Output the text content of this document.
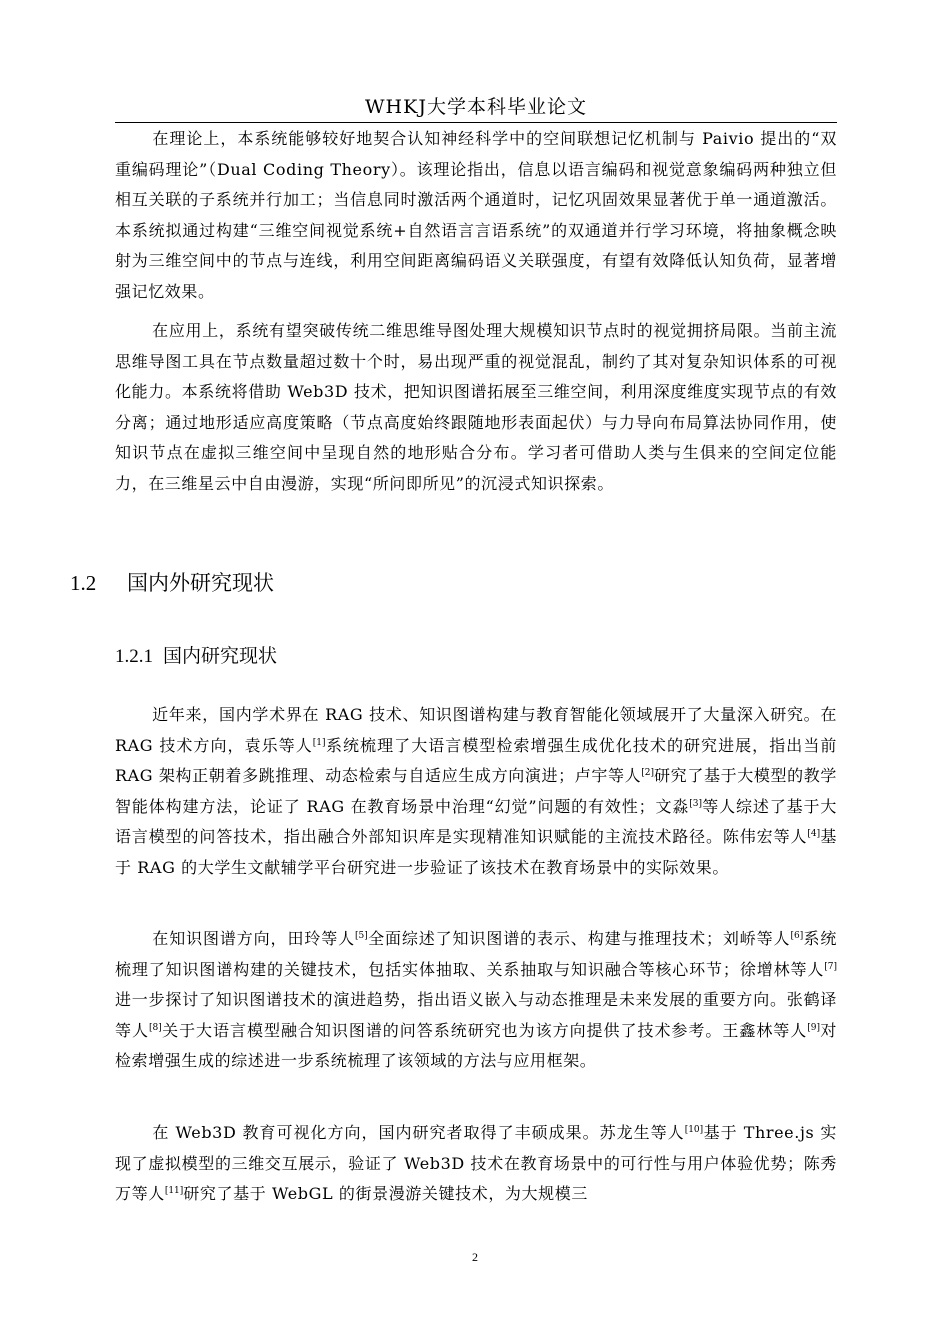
WHKJ大学本科毕业论文

在理论上，本系统能够较好地契合认知神经科学中的空间联想记忆机制与 Paivio 提出的“双重编码理论”（Dual Coding Theory）。该理论指出，信息以语言编码和视觉意象编码两种独立但相互关联的子系统并行加工；当信息同时激活两个通道时，记忆巩固效果显著优于单一通道激活。本系统拟通过构建“三维空间视觉系统+自然语言言语系统”的双通道并行学习环境，将抽象概念映射为三维空间中的节点与连线，利用空间距离编码语义关联强度，有望有效降低认知负荷，显著增强记忆效果。

在应用上，系统有望突破传统二维思维导图处理大规模知识节点时的视觉拥挤局限。当前主流思维导图工具在节点数量超过数十个时，易出现严重的视觉混乱，制约了其对复杂知识体系的可视化能力。本系统将借助 Web3D 技术，把知识图谱拓展至三维空间，利用深度维度实现节点的有效分离；通过地形适应高度策略（节点高度始终跟随地形表面起伏）与力导向布局算法协同作用，使知识节点在虚拟三维空间中呈现自然的地形贴合分布。学习者可借助人类与生俱来的空间定位能力，在三维星云中自由漫游，实现“所问即所见”的沉浸式知识探索。

1.2 国内外研究现状
1.2.1 国内研究现状

近年来，国内学术界在 RAG 技术、知识图谱构建与教育智能化领域展开了大量深入研究。在 RAG 技术方向，袁乐等人[1]系统梳理了大语言模型检索增强生成优化技术的研究进展，指出当前 RAG 架构正朝着多跳推理、动态检索与自适应生成方向演进；卢宇等人[2]研究了基于大模型的教学智能体构建方法，论证了 RAG 在教育场景中治理“幻觉”问题的有效性；文淼[3]等人综述了基于大语言模型的问答技术，指出融合外部知识库是实现精准知识赋能的主流技术路径。陈伟宏等人[4]基于 RAG 的大学生文献辅学平台研究进一步验证了该技术在教育场景中的实际效果。

在知识图谱方向，田玲等人[5]全面综述了知识图谱的表示、构建与推理技术；刘峤等人[6]系统梳理了知识图谱构建的关键技术，包括实体抽取、关系抽取与知识融合等核心环节；徐增林等人[7]进一步探讨了知识图谱技术的演进趋势，指出语义嵌入与动态推理是未来发展的重要方向。张鹤译等人[8]关于大语言模型融合知识图谱的问答系统研究也为该方向提供了技术参考。王鑫林等人[9]对检索增强生成的综述进一步系统梳理了该领域的方法与应用框架。

在 Web3D 教育可视化方向，国内研究者取得了丰硕成果。苏龙生等人[10]基于 Three.js 实现了虚拟模型的三维交互展示，验证了 Web3D 技术在教育场景中的可行性与用户体验优势；陈秀万等人[11]研究了基于 WebGL 的街景漫游关键技术，为大规模三

2
